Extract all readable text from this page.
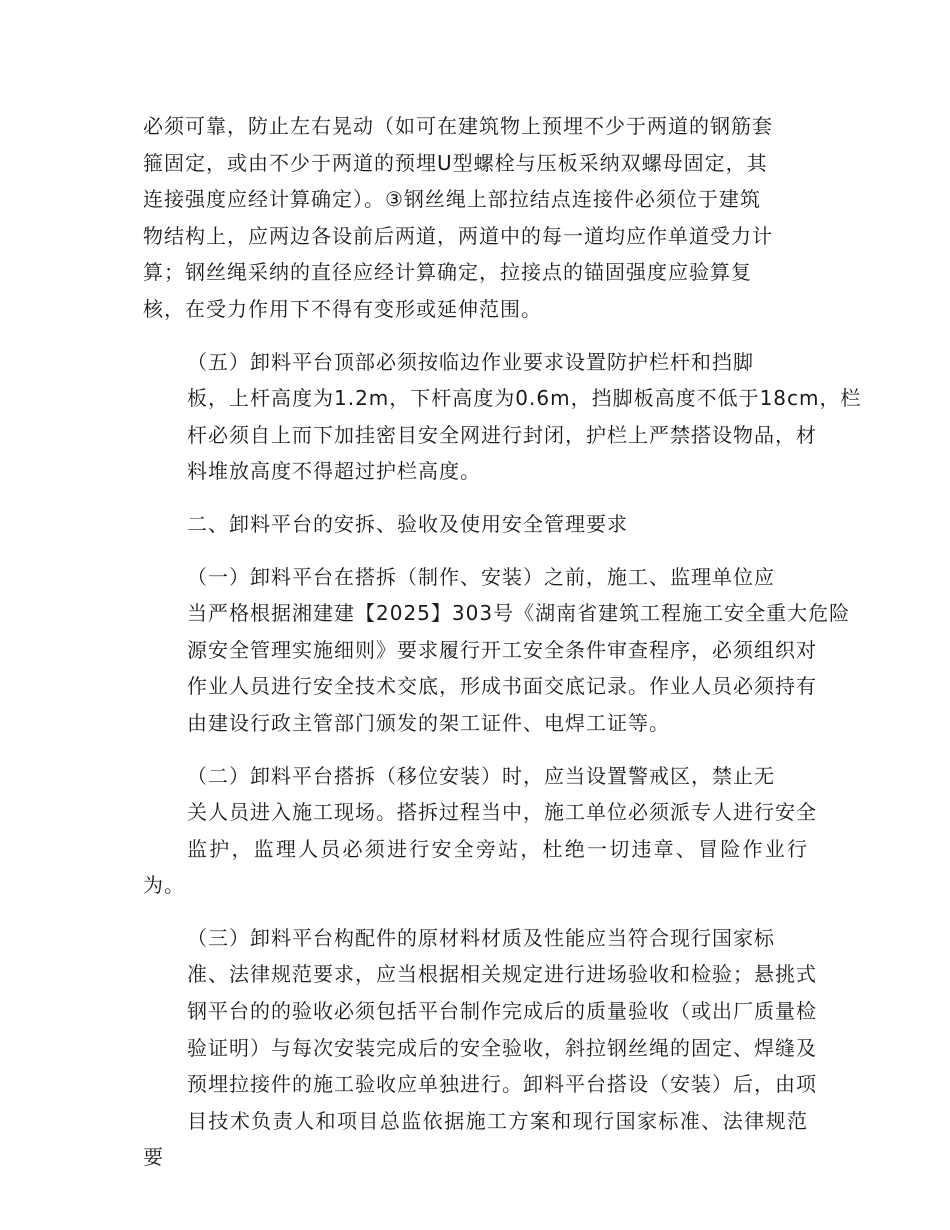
必须可靠，防止左右晃动（如可在建筑物上预埋不少于两道的钢筋套
箍固定，或由不少于两道的预埋U型螺栓与压板采纳双螺母固定，其
连接强度应经计算确定）。③钢丝绳上部拉结点连接件必须位于建筑
物结构上，应两边各设前后两道，两道中的每一道均应作单道受力计
算；钢丝绳采纳的直径应经计算确定，拉接点的锚固强度应验算复
核，在受力作用下不得有变形或延伸范围。

（五）卸料平台顶部必须按临边作业要求设置防护栏杆和挡脚
板，上杆高度为1.2m，下杆高度为0.6m，挡脚板高度不低于18cm，栏
杆必须自上而下加挂密目安全网进行封闭，护栏上严禁搭设物品，材
料堆放高度不得超过护栏高度。

二、卸料平台的安拆、验收及使用安全管理要求

（一）卸料平台在搭拆（制作、安装）之前，施工、监理单位应
当严格根据湘建建【2025】303号《湖南省建筑工程施工安全重大危险
源安全管理实施细则》要求履行开工安全条件审查程序，必须组织对
作业人员进行安全技术交底，形成书面交底记录。作业人员必须持有
由建设行政主管部门颁发的架工证件、电焊工证等。

（二）卸料平台搭拆（移位安装）时，应当设置警戒区，禁止无
关人员进入施工现场。搭拆过程当中，施工单位必须派专人进行安全
监护，监理人员必须进行安全旁站，杜绝一切违章、冒险作业行为。

（三）卸料平台构配件的原材料材质及性能应当符合现行国家标
准、法律规范要求，应当根据相关规定进行进场验收和检验；悬挑式
钢平台的的验收必须包括平台制作完成后的质量验收（或出厂质量检
验证明）与每次安装完成后的安全验收，斜拉钢丝绳的固定、焊缝及
预埋拉接件的施工验收应单独进行。卸料平台搭设（安装）后，由项
目技术负责人和项目总监依据施工方案和现行国家标准、法律规范要
